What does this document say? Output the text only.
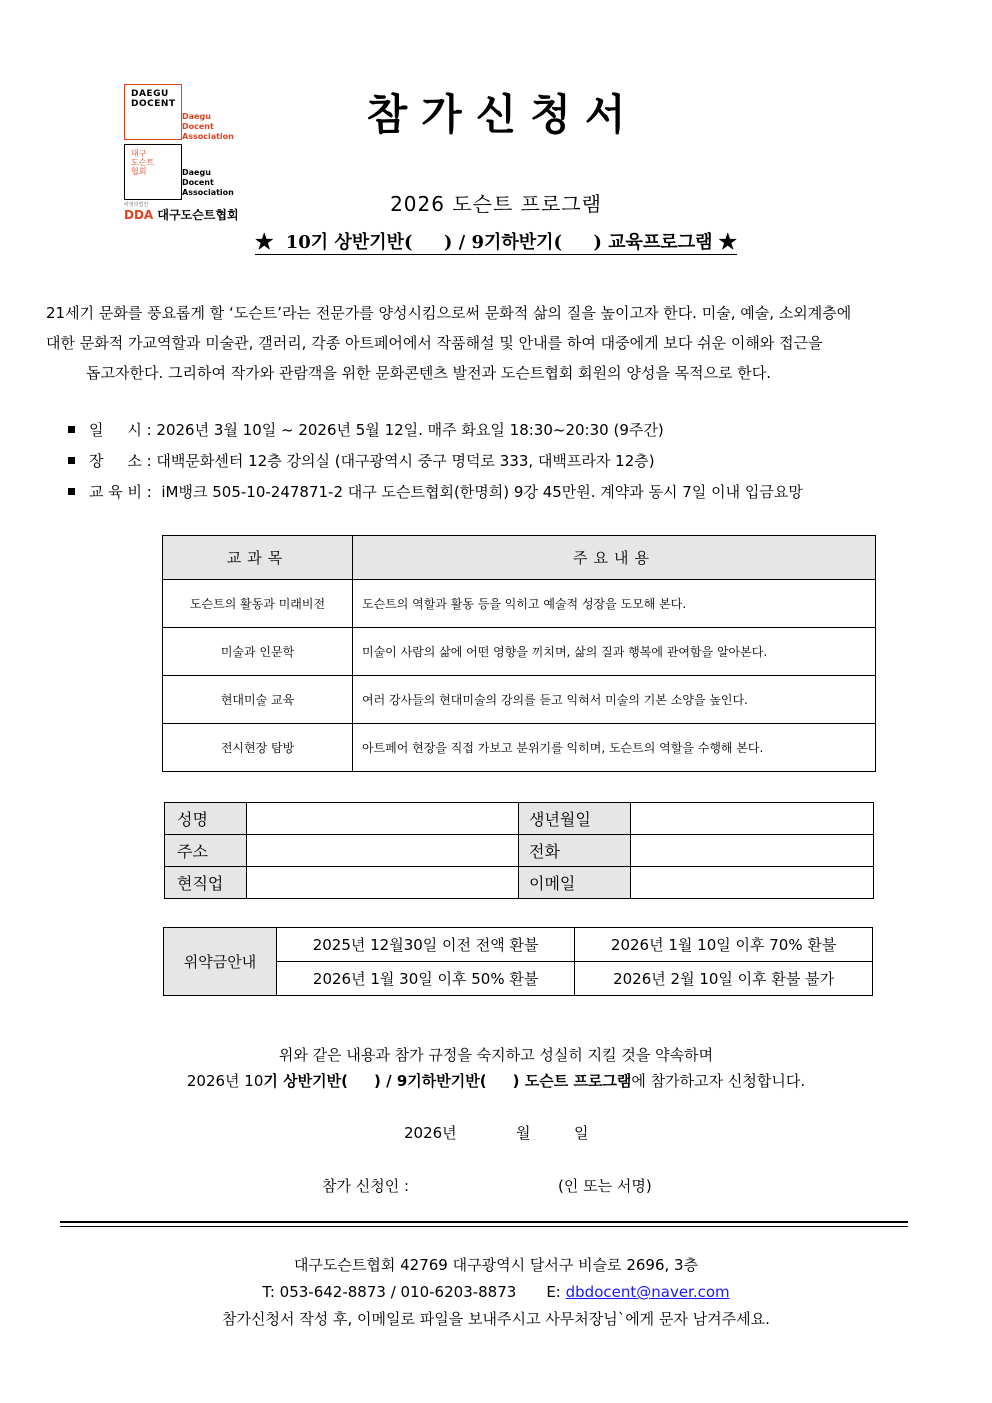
DAEGU
DOCENT
Daegu
Docent
Association
대구
도슨트
협회	Daegu
Docent
Association
비영리법인
DDA 대구도슨트협회
참가신청서
2026 도슨트 프로그램
★  10기 상반기반(     ) / 9기하반기(     ) 교육프로그램 ★
21세기 문화를 풍요롭게 할 ‘도슨트’라는 전문가를 양성시킴으로써 문화적 삶의 질을 높이고자 한다. 미술, 예술, 소외계층에
대한 문화적 가교역할과 미술관, 갤러리, 각종 아트페어에서 작품해설 및 안내를 하여 대중에게 보다 쉬운 이해와 접근을
돕고자한다. 그리하여 작가와 관람객을 위한 문화콘텐츠 발전과 도슨트협회 회원의 양성을 목적으로 한다.
일     시 : 2026년 3월 10일 ~ 2026년 5월 12일. 매주 화요일 18:30~20:30 (9주간)
장     소 : 대백문화센터 12층 강의실 (대구광역시 중구 명덕로 333, 대백프라자 12층)
교 육 비 : iM뱅크 505-10-247871-2 대구 도슨트협회(한명희) 9강 45만원. 계약과 동시 7일 이내 입금요망
교과목	주요내용
도슨트의 활동과 미래비전	도슨트의 역할과 활동 등을 익히고 예술적 성장을 도모해 본다.
미술과 인문학	미술이 사람의 삶에 어떤 영향을 끼치며, 삶의 질과 행복에 관여함을 알아본다.
현대미술 교육	여러 강사들의 현대미술의 강의를 듣고 익혀서 미술의 기본 소양을 높인다.
전시현장 탐방	아트페어 현장을 직접 가보고 분위기를 익히며, 도슨트의 역할을 수행해 본다.
성명		생년월일	
주소		전화	
현직업		이메일	
위약금안내	2025년 12월30일 이전 전액 환불	2026년 1월 10일 이후 70% 환불
	2026년 1월 30일 이후 50% 환불	2026년 2월 10일 이후 환불 불가
위와 같은 내용과 참가 규정을 숙지하고 성실히 지킬 것을 약속하며
2026년 10기 상반기반(     ) / 9기하반기반(     ) 도슨트 프로그램에 참가하고자 신청합니다.
2026년	월	일
참가 신청인 :	(인 또는 서명)
대구도슨트협회 42769 대구광역시 달서구 비슬로 2696, 3층
T: 053-642-8873 / 010-6203-8873 E: dbdocent@naver.com
참가신청서 작성 후, 이메일로 파일을 보내주시고 사무처장님`에게 문자 남겨주세요.
